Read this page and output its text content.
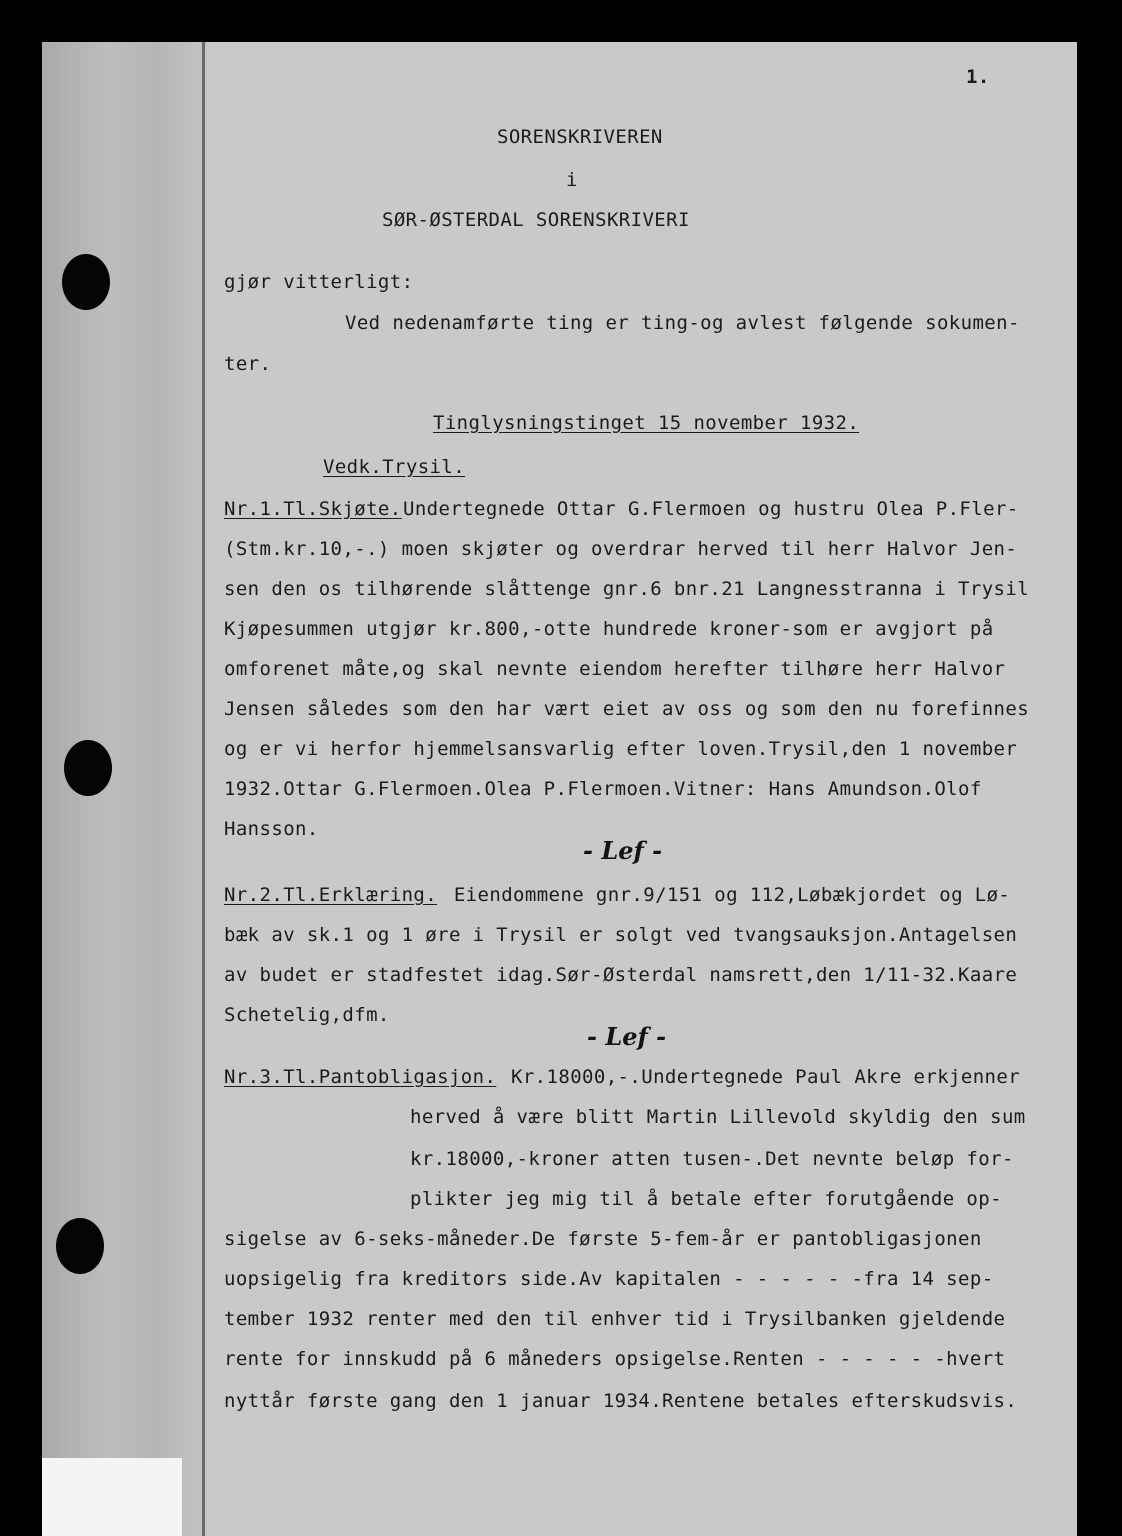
1.
SORENSKRIVEREN
i
SØR-ØSTERDAL SORENSKRIVERI
gjør vitterligt:
Ved nedenamførte ting er ting-og avlest følgende sokumen-
ter.
Tinglysningstinget 15 november 1932.
Vedk.Trysil.
Nr.1.Tl.Skjøte. Undertegnede Ottar G.Flermoen og hustru Olea P.Fler-
(Stm.kr.10,-.) moen skjøter og overdrar herved til herr Halvor Jen-
sen den os tilhørende slåttenge gnr.6 bnr.21 Langnesstranna i Trysil
Kjøpesummen utgjør kr.800,-otte hundrede kroner-som er avgjort på
omforenet måte,og skal nevnte eiendom herefter tilhøre herr Halvor
Jensen således som den har vært eiet av oss og som den nu forefinnes
og er vi herfor hjemmelsansvarlig efter loven.Trysil,den 1 november
1932.Ottar G.Flermoen.Olea P.Flermoen.Vitner: Hans Amundson.Olof
Hansson.
- Lef -
Nr.2.Tl.Erklæring. Eiendommene gnr.9/151 og 112,Løbækjordet og Lø-
bæk av sk.1 og 1 øre i Trysil er solgt ved tvangsauksjon.Antagelsen
av budet er stadfestet idag.Sør-Østerdal namsrett,den 1/11-32.Kaare
Schetelig,dfm.
- Lef -
Nr.3.Tl.Pantobligasjon. Kr.18000,-.Undertegnede Paul Akre erkjenner
herved å være blitt Martin Lillevold skyldig den sum
kr.18000,-kroner atten tusen-.Det nevnte beløp for-
plikter jeg mig til å betale efter forutgående op-
sigelse av 6-seks-måneder.De første 5-fem-år er pantobligasjonen
uopsigelig fra kreditors side.Av kapitalen - - - - - -fra 14 sep-
tember 1932 renter med den til enhver tid i Trysilbanken gjeldende
rente for innskudd på 6 måneders opsigelse.Renten - - - - - -hvert
nyttår første gang den 1 januar 1934.Rentene betales efterskudsvis.
